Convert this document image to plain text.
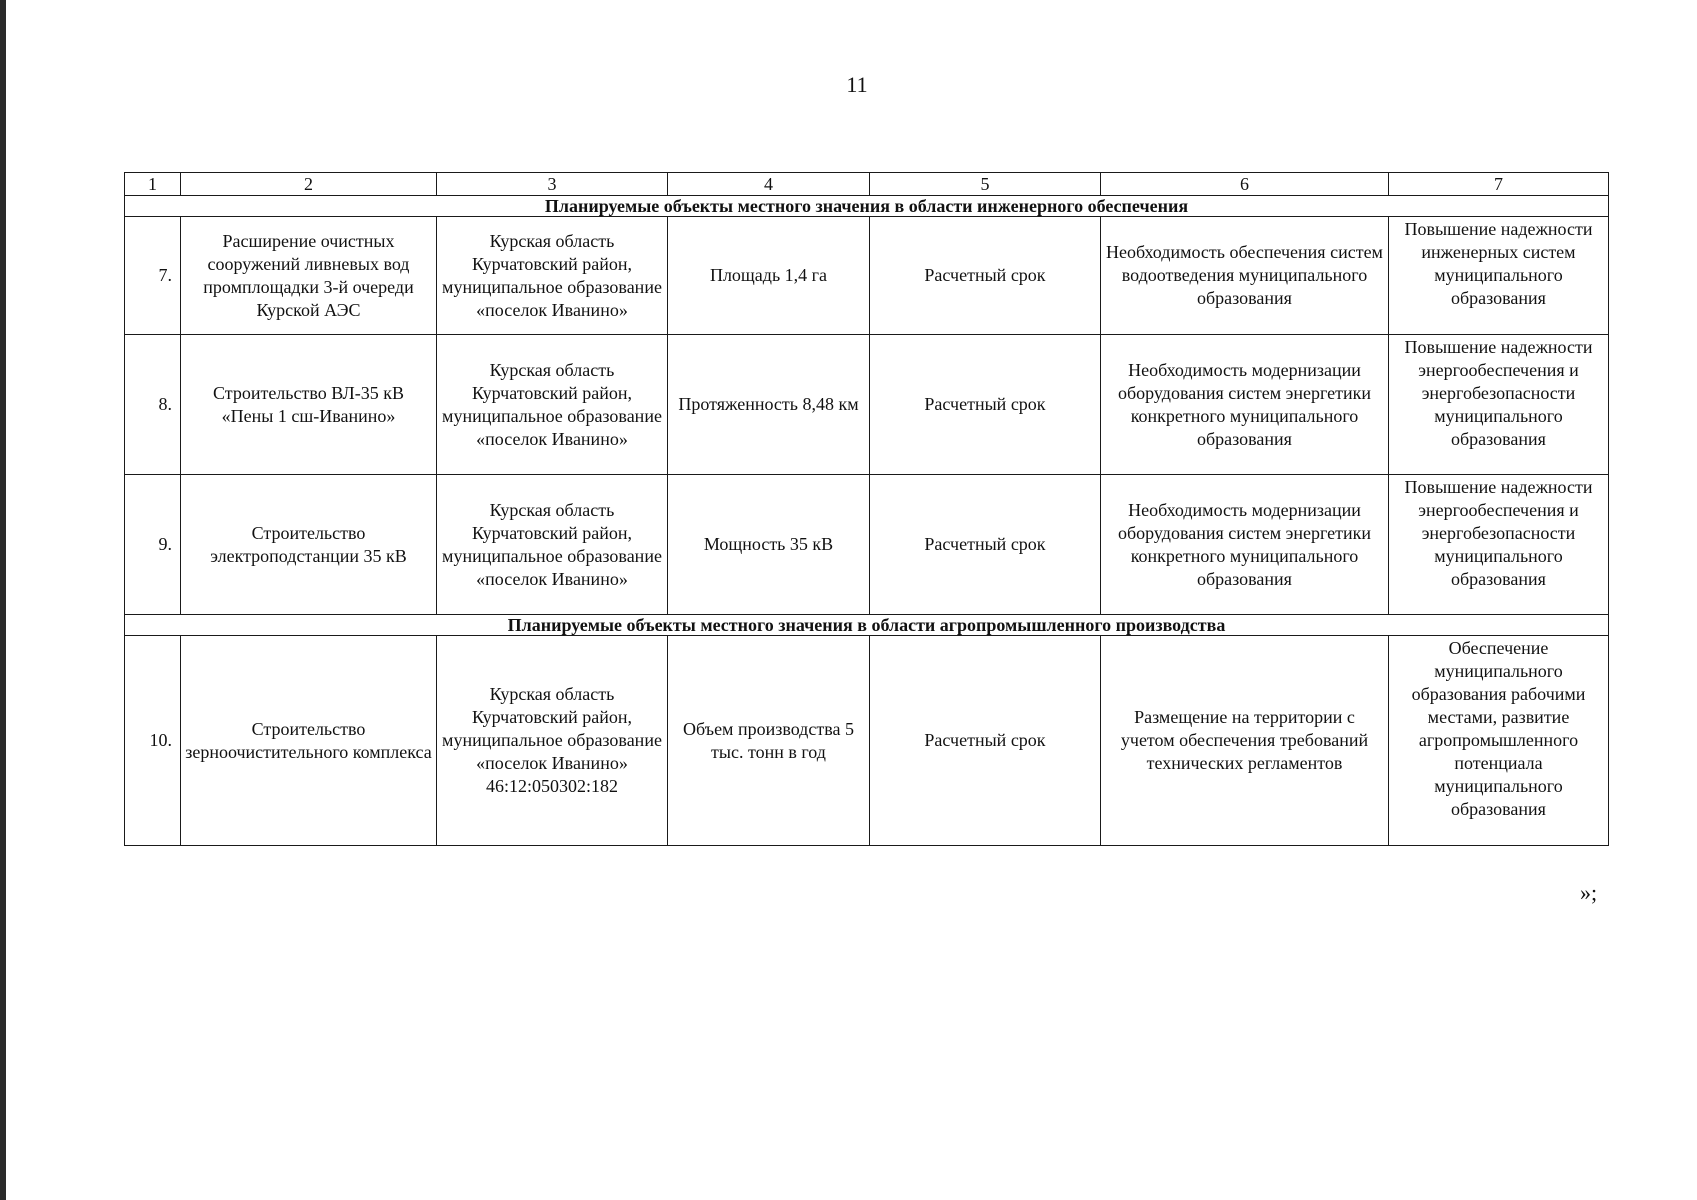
11
1	2	3	4	5	6	7
Планируемые объекты местного значения в области инженерного обеспечения						
7.	Расширение очистных сооружений ливневых вод промплощадки 3-й очереди Курской АЭС	Курская область Курчатовский район, муниципальное образование «поселок Иванино»	Площадь 1,4 га	Расчетный срок	Необходимость обеспечения систем водоотведения муниципального образования	Повышение надежности инженерных систем муниципального образования
8.	Строительство ВЛ-35 кВ «Пены 1 сш-Иванино»	Курская область Курчатовский район, муниципальное образование «поселок Иванино»	Протяженность 8,48 км	Расчетный срок	Необходимость модернизации оборудования систем энергетики конкретного муниципального образования	Повышение надежности энергообеспечения и энергобезопасности муниципального образования
9.	Строительство электроподстанции 35 кВ	Курская область Курчатовский район, муниципальное образование «поселок Иванино»	Мощность 35 кВ	Расчетный срок	Необходимость модернизации оборудования систем энергетики конкретного муниципального образования	Повышение надежности энергообеспечения и энергобезопасности муниципального образования
Планируемые объекты местного значения в области агропромышленного производства						
10.	Строительство зерноочистительного комплекса	Курская область Курчатовский район, муниципальное образование «поселок Иванино» 46:12:050302:182	Объем производства 5 тыс. тонн в год	Расчетный срок	Размещение на территории с учетом обеспечения требований технических регламентов	Обеспечение муниципального образования рабочими местами, развитие агропромышленного потенциала муниципального образования
»;
